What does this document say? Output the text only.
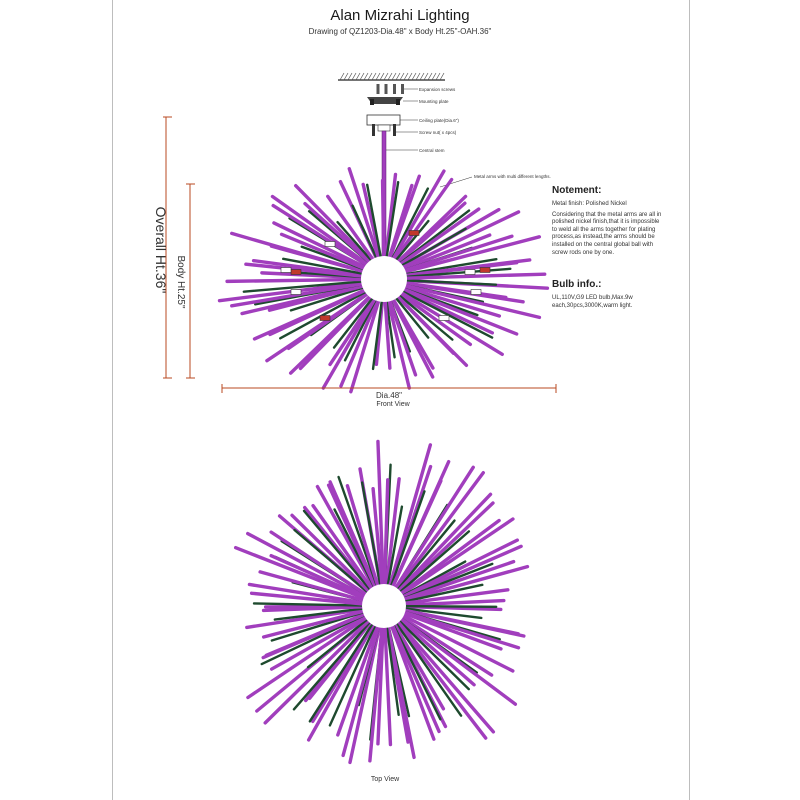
Alan Mizrahi Lighting
Drawing of QZ1203-Dia.48" x Body Ht.25"-OAH.36"
Expansion screws
Mounting plate
Ceiling plate(Dia.6")
Screw nut( x 4pcs)
Central stem
Metal arms with multi different lengths.
Overall Ht.36" Body Ht.25"
Dia.48"
Notement:
Metal finish: Polished Nickel
Considering that the metal arms are all in polished nickel finish,that it is impossible to weld all the arms together for plating process,as instead,the arms should be installed on the central global ball with screw rods one by one.
Bulb info.:
UL,110V,G9 LED bulb,Max.9w each,30pcs,3000K,warm light.
Front View
Top View
